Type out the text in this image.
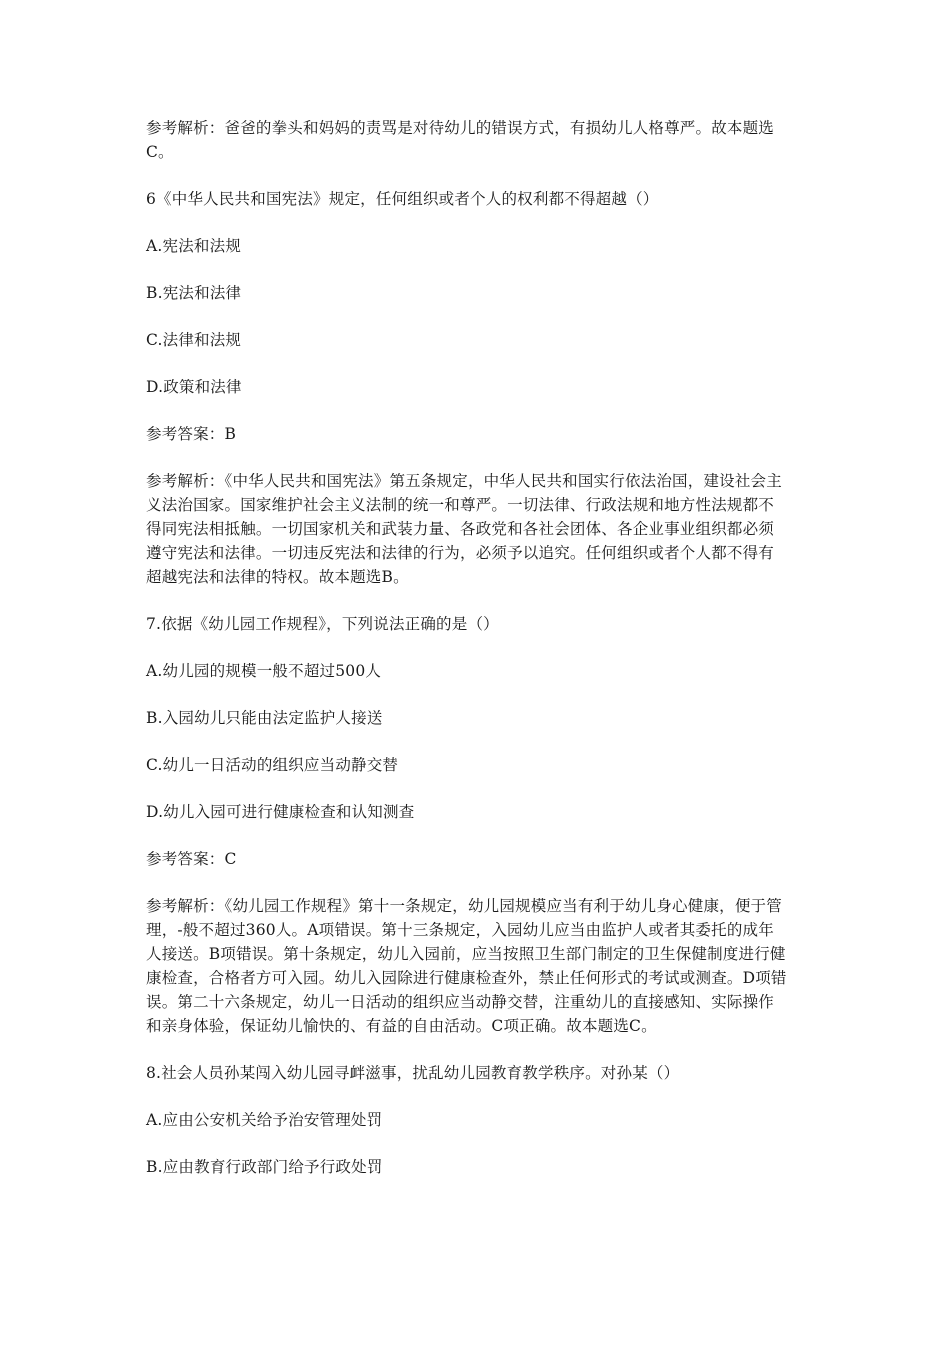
参考解析：爸爸的拳头和妈妈的责骂是对待幼儿的错误方式，有损幼儿人格尊严。故本题选
C。
6《中华人民共和国宪法》规定，任何组织或者个人的权利都不得超越（）
A.宪法和法规
B.宪法和法律
C.法律和法规
D.政策和法律
参考答案：B
参考解析：《中华人民共和国宪法》第五条规定，中华人民共和国实行依法治国，建设社会主
义法治国家。国家维护社会主义法制的统一和尊严。一切法律、行政法规和地方性法规都不
得同宪法相抵触。一切国家机关和武装力量、各政党和各社会团体、各企业事业组织都必须
遵守宪法和法律。一切违反宪法和法律的行为，必须予以追究。任何组织或者个人都不得有
超越宪法和法律的特权。故本题选B。
7.依据《幼儿园工作规程》，下列说法正确的是（）
A.幼儿园的规模一般不超过500人
B.入园幼儿只能由法定监护人接送
C.幼儿一日活动的组织应当动静交替
D.幼儿入园可进行健康检查和认知测查
参考答案：C
参考解析：《幼儿园工作规程》第十一条规定，幼儿园规模应当有利于幼儿身心健康，便于管
理，-般不超过360人。A项错误。第十三条规定，入园幼儿应当由监护人或者其委托的成年
人接送。B项错误。第十条规定，幼儿入园前，应当按照卫生部门制定的卫生保健制度进行健
康检查，合格者方可入园。幼儿入园除进行健康检查外，禁止任何形式的考试或测查。D项错
误。第二十六条规定，幼儿一日活动的组织应当动静交替，注重幼儿的直接感知、实际操作
和亲身体验，保证幼儿愉快的、有益的自由活动。C项正确。故本题选C。
8.社会人员孙某闯入幼儿园寻衅滋事，扰乱幼儿园教育教学秩序。对孙某（）
A.应由公安机关给予治安管理处罚
B.应由教育行政部门给予行政处罚
